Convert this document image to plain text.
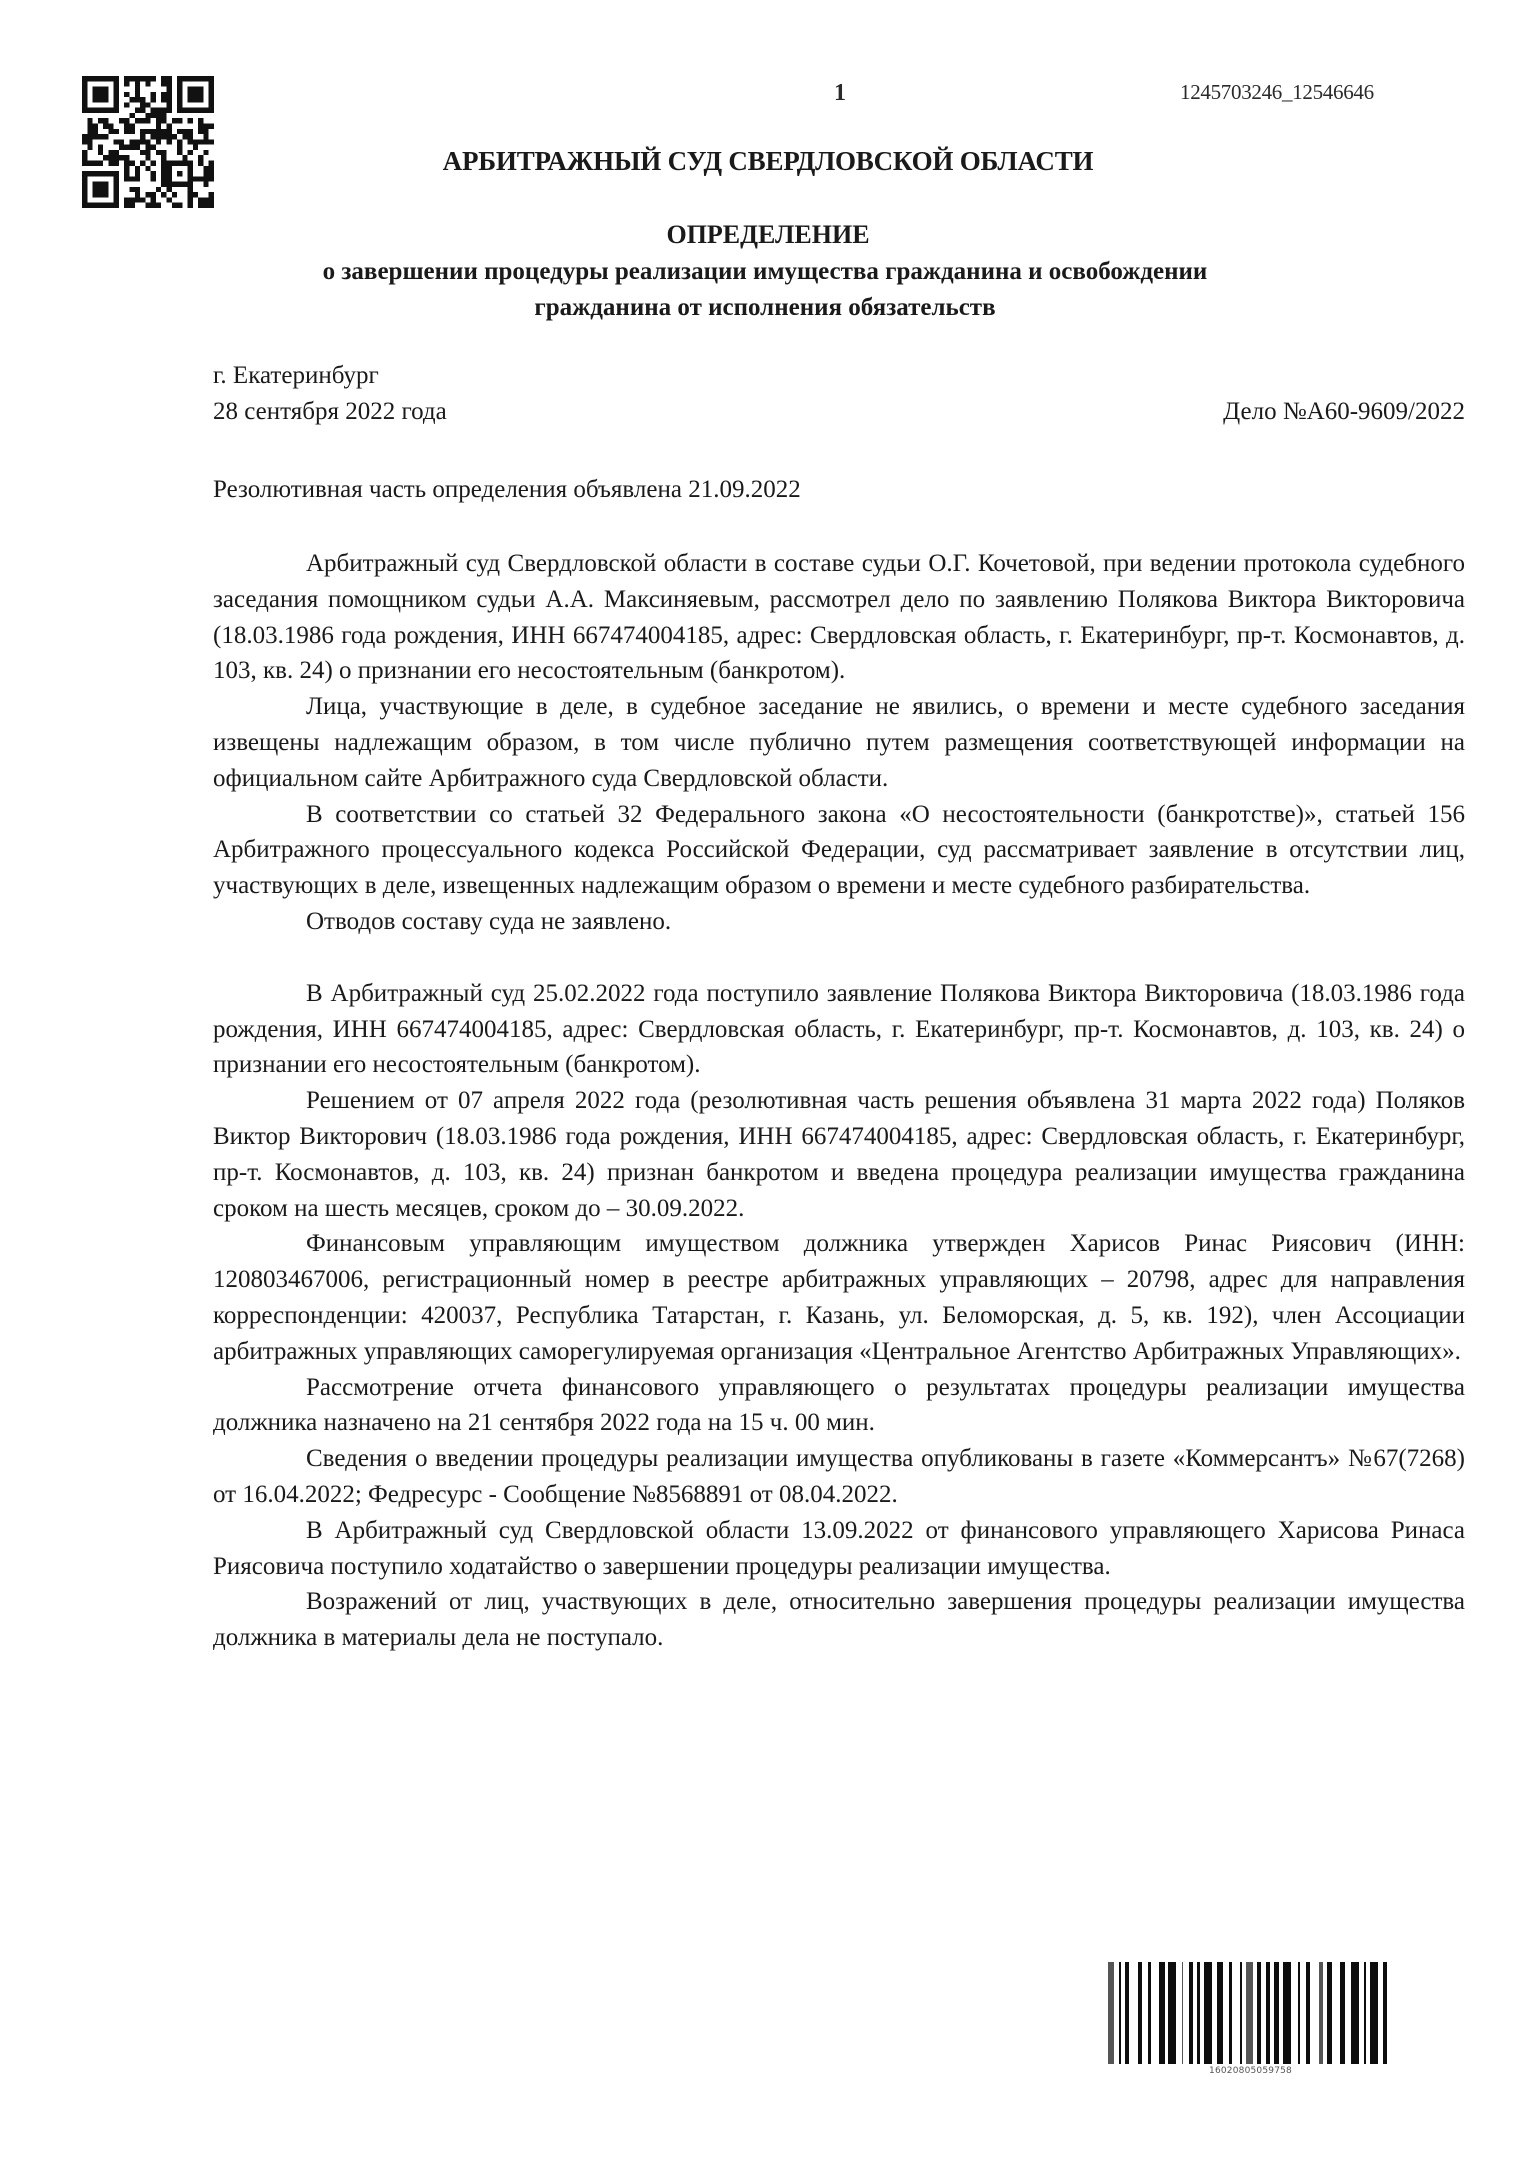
1	1245703246_12546646
АРБИТРАЖНЫЙ СУД СВЕРДЛОВСКОЙ ОБЛАСТИ
ОПРЕДЕЛЕНИЕ
о завершении процедуры реализации имущества гражданина и освобождении гражданина от исполнения обязательств
г. Екатеринбург
28 сентября 2022 года	Дело №А60-9609/2022
Резолютивная часть определения объявлена 21.09.2022

Арбитражный суд Свердловской области в составе судьи О.Г. Кочетовой, при ведении протокола судебного заседания помощником судьи А.А. Максиняевым, рассмотрел дело по заявлению Полякова Виктора Викторовича (18.03.1986 года рождения, ИНН 667474004185, адрес: Свердловская область, г. Екатеринбург, пр-т. Космонавтов, д. 103, кв. 24) о признании его несостоятельным (банкротом).

Лица, участвующие в деле, в судебное заседание не явились, о времени и месте судебного заседания извещены надлежащим образом, в том числе публично путем размещения соответствующей информации на официальном сайте Арбитражного суда Свердловской области.

В соответствии со статьей 32 Федерального закона «О несостоятельности (банкротстве)», статьей 156 Арбитражного процессуального кодекса Российской Федерации, суд рассматривает заявление в отсутствии лиц, участвующих в деле, извещенных надлежащим образом о времени и месте судебного разбирательства.

Отводов составу суда не заявлено.

В Арбитражный суд 25.02.2022 года поступило заявление Полякова Виктора Викторовича (18.03.1986 года рождения, ИНН 667474004185, адрес: Свердловская область, г. Екатеринбург, пр-т. Космонавтов, д. 103, кв. 24) о признании его несостоятельным (банкротом).

Решением от 07 апреля 2022 года (резолютивная часть решения объявлена 31 марта 2022 года) Поляков Виктор Викторович (18.03.1986 года рождения, ИНН 667474004185, адрес: Свердловская область, г. Екатеринбург, пр-т. Космонавтов, д. 103, кв. 24) признан банкротом и введена процедура реализации имущества гражданина сроком на шесть месяцев, сроком до – 30.09.2022.

Финансовым управляющим имуществом должника утвержден Харисов Ринас Риясович (ИНН: 120803467006, регистрационный номер в реестре арбитражных управляющих – 20798, адрес для направления корреспонденции: 420037, Республика Татарстан, г. Казань, ул. Беломорская, д. 5, кв. 192), член Ассоциации арбитражных управляющих саморегулируемая организация «Центральное Агентство Арбитражных Управляющих».

Рассмотрение отчета финансового управляющего о результатах процедуры реализации имущества должника назначено на 21 сентября 2022 года на 15 ч. 00 мин.

Сведения о введении процедуры реализации имущества опубликованы в газете «Коммерсантъ» №67(7268) от 16.04.2022; Федресурс - Сообщение №8568891 от 08.04.2022.

В Арбитражный суд Свердловской области 13.09.2022 от финансового управляющего Харисова Ринаса Риясовича поступило ходатайство о завершении процедуры реализации имущества.

Возражений от лиц, участвующих в деле, относительно завершения процедуры реализации имущества должника в материалы дела не поступало.

16020805059758
